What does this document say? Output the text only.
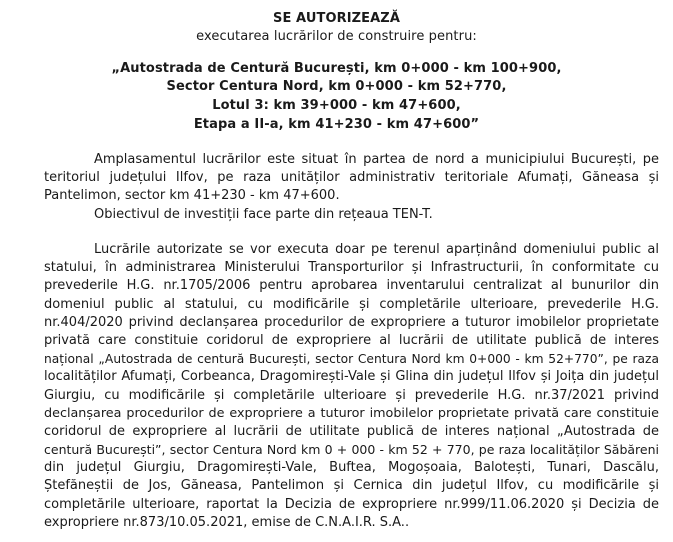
SE AUTORIZEAZĂ
executarea lucrărilor de construire pentru:
„Autostrada de Centură București, km 0+000 - km 100+900,
Sector Centura Nord, km 0+000 - km 52+770,
Lotul 3: km 39+000 - km 47+600,
Etapa a II-a, km 41+230 - km 47+600”
Amplasamentul lucrărilor este situat în partea de nord a municipiului București, pe
teritoriul județului Ilfov, pe raza unităților administrativ teritoriale Afumați, Găneasa și
Pantelimon, sector km 41+230 - km 47+600.
Obiectivul de investiții face parte din rețeaua TEN-T.
Lucrările autorizate se vor executa doar pe terenul aparținând domeniului public al
statului, în administrarea Ministerului Transporturilor și Infrastructurii, în conformitate cu
prevederile H.G. nr.1705/2006 pentru aprobarea inventarului centralizat al bunurilor din
domeniul public al statului, cu modificările și completările ulterioare, prevederile H.G.
nr.404/2020 privind declanșarea procedurilor de expropriere a tuturor imobilelor proprietate
privată care constituie coridorul de expropriere al lucrării de utilitate publică de interes
național „Autostrada de centură București, sector Centura Nord km 0+000 - km 52+770”, pe raza
localităților Afumați, Corbeanca, Dragomirești-Vale și Glina din județul Ilfov și Joița din județul
Giurgiu, cu modificările și completările ulterioare și prevederile H.G. nr.37/2021 privind
declanșarea procedurilor de expropriere a tuturor imobilelor proprietate privată care constituie
coridorul de expropriere al lucrării de utilitate publică de interes național „Autostrada de
centură București”, sector Centura Nord km 0 + 000 - km 52 + 770, pe raza localităților Săbăreni
din județul Giurgiu, Dragomirești-Vale, Buftea, Mogoșoaia, Balotești, Tunari, Dascălu,
Ștefăneștii de Jos, Găneasa, Pantelimon și Cernica din județul Ilfov, cu modificările și
completările ulterioare, raportat la Decizia de expropriere nr.999/11.06.2020 și Decizia de
expropriere nr.873/10.05.2021, emise de C.N.A.I.R. S.A..
